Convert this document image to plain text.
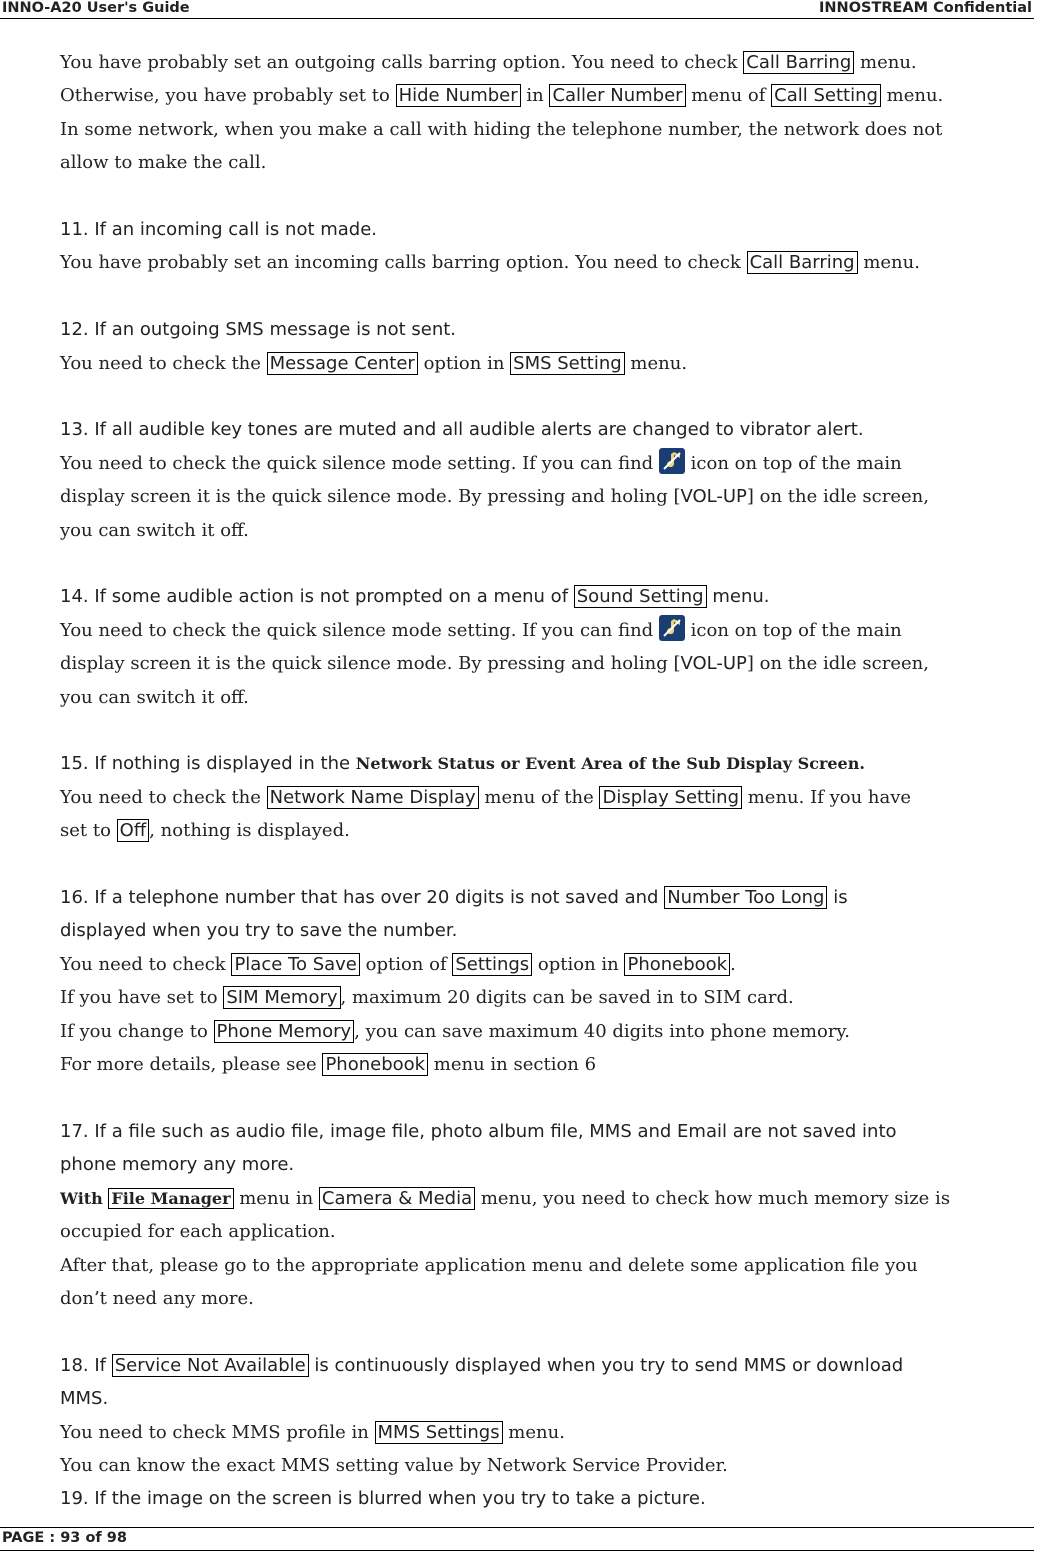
INNO-A20 User's Guide	INNOSTREAM Confidential

You have probably set an outgoing calls barring option. You need to check Call Barring menu.

Otherwise, you have probably set to Hide Number in Caller Number menu of Call Setting menu.

In some network, when you make a call with hiding the telephone number, the network does not

allow to make the call.

11. If an incoming call is not made.

You have probably set an incoming calls barring option. You need to check Call Barring menu.

12. If an outgoing SMS message is not sent.

You need to check the Message Center option in SMS Setting menu.

13. If all audible key tones are muted and all audible alerts are changed to vibrator alert.

You need to check the quick silence mode setting. If you can find
icon on top of the main

display screen it is the quick silence mode. By pressing and holing [VOL-UP] on the idle screen,

you can switch it off.

14. If some audible action is not prompted on a menu of Sound Setting menu.

You need to check the quick silence mode setting. If you can find
icon on top of the main

display screen it is the quick silence mode. By pressing and holing [VOL-UP] on the idle screen,

you can switch it off.

15. If nothing is displayed in the Network Status or Event Area of the Sub Display Screen.

You need to check the Network Name Display menu of the Display Setting menu. If you have

set to Off , nothing is displayed.

16. If a telephone number that has over 20 digits is not saved and Number Too Long is

displayed when you try to save the number.

You need to check Place To Save option of Settings option in Phonebook .

If you have set to SIM Memory , maximum 20 digits can be saved in to SIM card.

If you change to Phone Memory , you can save maximum 40 digits into phone memory.

For more details, please see Phonebook menu in section 6

17. If a file such as audio file, image file, photo album file, MMS and Email are not saved into

phone memory any more.

With File Manager menu in Camera & Media menu, you need to check how much memory size is

occupied for each application.

After that, please go to the appropriate application menu and delete some application file you

don’t need any more.

18. If Service Not Available is continuously displayed when you try to send MMS or download

MMS.

You need to check MMS profile in MMS Settings menu.

You can know the exact MMS setting value by Network Service Provider.

19. If the image on the screen is blurred when you try to take a picture.

PAGE : 93 of 98
